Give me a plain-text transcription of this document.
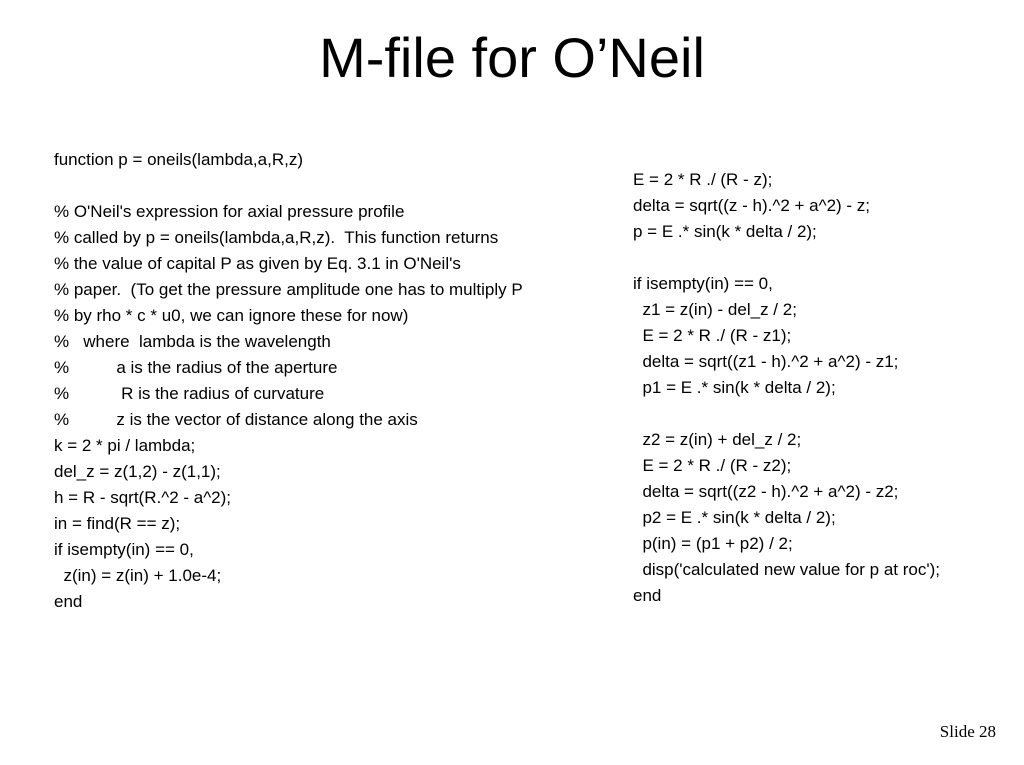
M-file for O’Neil
function p = oneils(lambda,a,R,z)
% O'Neil's expression for axial pressure profile
% called by p = oneils(lambda,a,R,z).  This function returns
% the value of capital P as given by Eq. 3.1 in O'Neil's
% paper.  (To get the pressure amplitude one has to multiply P
% by rho * c * u0, we can ignore these for now)
%   where  lambda is the wavelength
%          a is the radius of the aperture
%           R is the radius of curvature
%          z is the vector of distance along the axis
k = 2 * pi / lambda;
del_z = z(1,2) - z(1,1);
h = R - sqrt(R.^2 - a^2);
in = find(R == z);
if isempty(in) == 0,
z(in) = z(in) + 1.0e-4;
end
E = 2 * R ./ (R - z);
delta = sqrt((z - h).^2 + a^2) - z;
p = E .* sin(k * delta / 2);
if isempty(in) == 0,
z1 = z(in) - del_z / 2;
E = 2 * R ./ (R - z1);
delta = sqrt((z1 - h).^2 + a^2) - z1;
p1 = E .* sin(k * delta / 2);
z2 = z(in) + del_z / 2;
E = 2 * R ./ (R - z2);
delta = sqrt((z2 - h).^2 + a^2) - z2;
p2 = E .* sin(k * delta / 2);
p(in) = (p1 + p2) / 2;
disp('calculated new value for p at roc');
end
Slide 28
